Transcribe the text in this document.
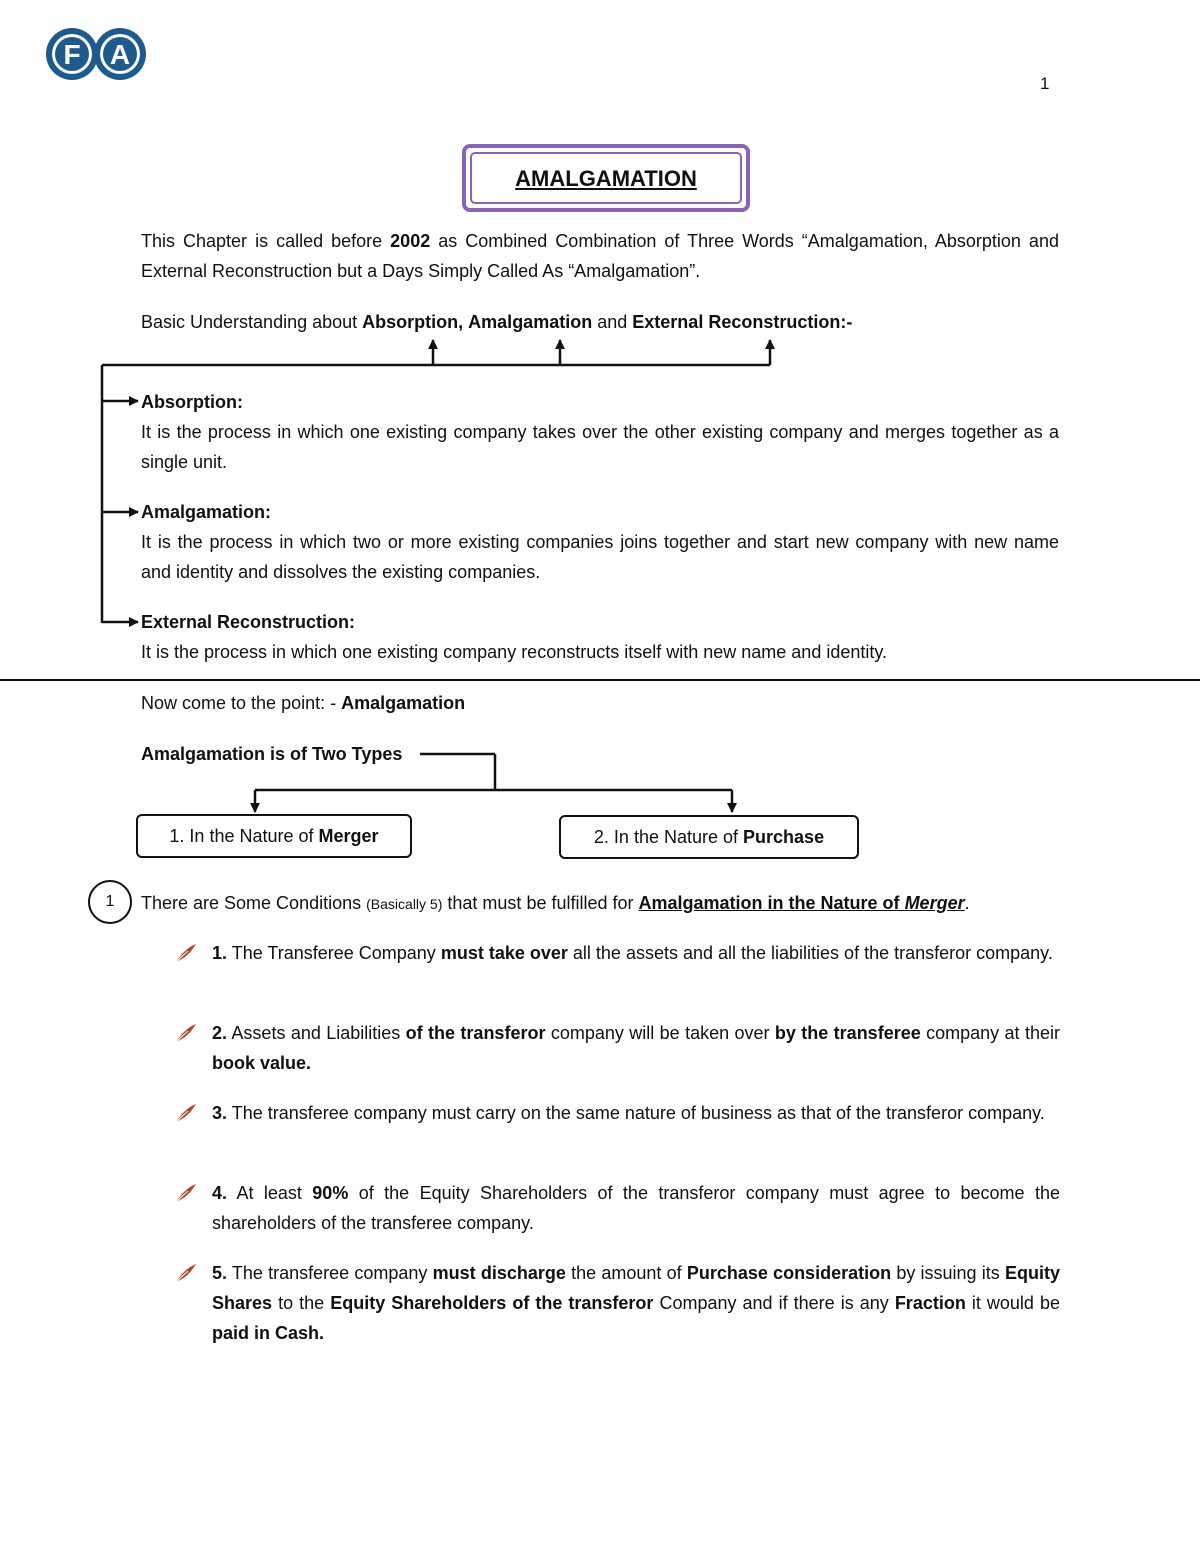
F A
1
AMALGAMATION
This Chapter is called before 2002 as Combined Combination of Three Words “Amalgamation, Absorption and External Reconstruction but a Days Simply Called As “Amalgamation”.
Basic Understanding about Absorption, Amalgamation and External Reconstruction:-
Absorption:
It is the process in which one existing company takes over the other existing company and merges together as a single unit.
Amalgamation:
It is the process in which two or more existing companies joins together and start new company with new name and identity and dissolves the existing companies.
External Reconstruction:
It is the process in which one existing company reconstructs itself with new name and identity.
Now come to the point: - Amalgamation
Amalgamation is of Two Types
1. In the Nature of Merger	2. In the Nature of Purchase
1	There are Some Conditions (Basically 5) that must be fulfilled for Amalgamation in the Nature of Merger.
1. The Transferee Company must take over all the assets and all the liabilities of the transferor company.
2. Assets and Liabilities of the transferor company will be taken over by the transferee company at their book value.
3. The transferee company must carry on the same nature of business as that of the transferor company.
4. At least 90% of the Equity Shareholders of the transferor company must agree to become the shareholders of the transferee company.
5. The transferee company must discharge the amount of Purchase consideration by issuing its Equity Shares to the Equity Shareholders of the transferor Company and if there is any Fraction it would be paid in Cash.
